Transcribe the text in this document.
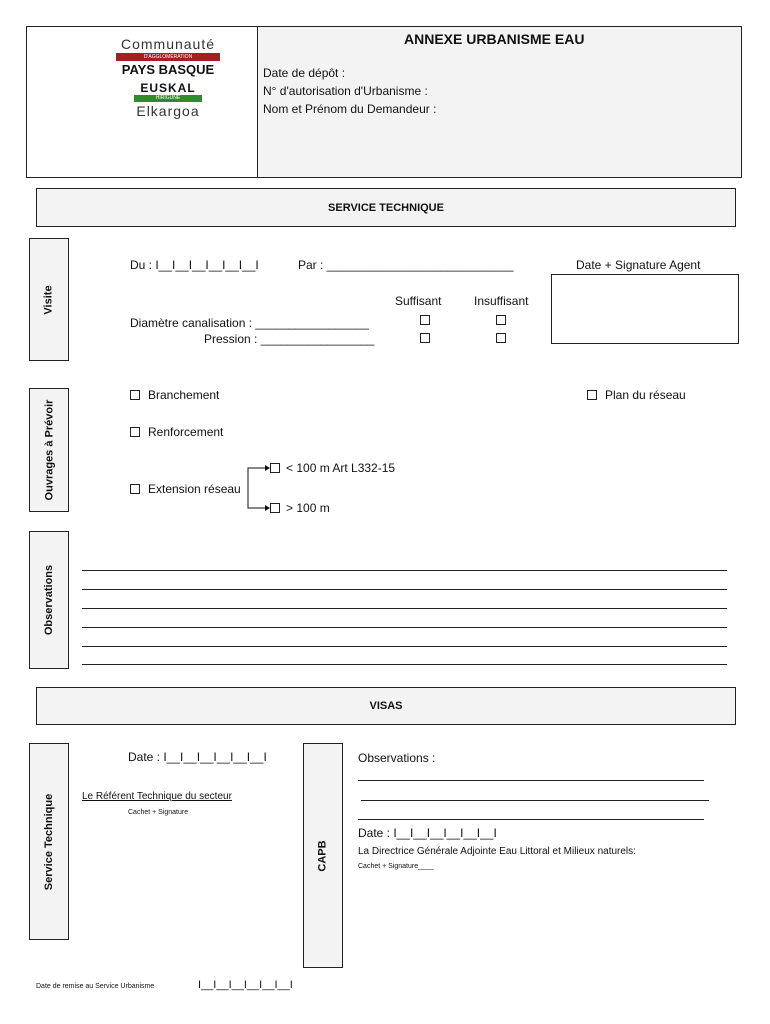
Communauté
D'AGGLOMÉRATION
PAYS BASQUE
EUSKAL
HIRIGUNE
Elkargoa
ANNEXE URBANISME EAU
Date de dépôt :
N° d'autorisation d'Urbanisme :
Nom et Prénom du Demandeur :
SERVICE TECHNIQUE
Visite
Du : I__I__I__I__I__I__I	Par : ____________________________	Date + Signature Agent
Suffisant	Insuffisant
Diamètre canalisation : _________________
Pression : _________________
Ouvrages à Prévoir
Branchement	Plan du réseau
Renforcement
Extension réseau
< 100 m Art L332-15
> 100 m
Observations
VISAS
Service Technique
Date : I__I__I__I__I__I__I
Le Référent Technique du secteur
Cachet + Signature
CAPB
Observations :
Date : I__I__I__I__I__I__I
La Directrice Générale Adjointe Eau Littoral et Milieux naturels:
Cachet + Signature____
Date de remise au Service Urbanisme	I__I__I__I__I__I__I
